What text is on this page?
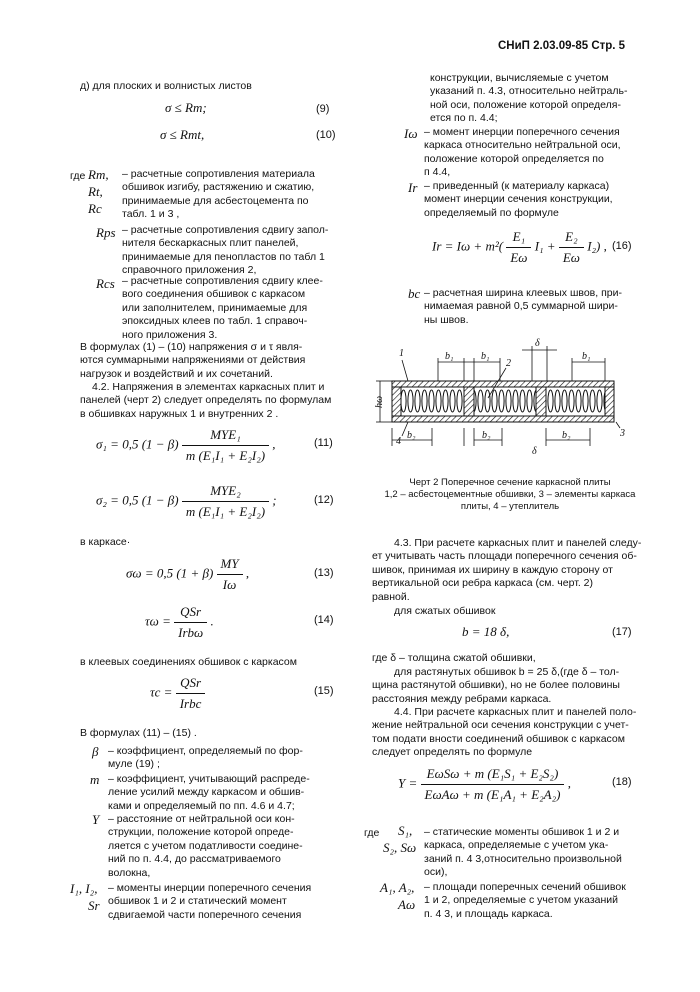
СНиП 2.03.09-85 Стр. 5
д) для плоских и волнистых листов
σ ≤ Rm;	(9)
σ ≤ Rmt,	(10)
где Rm, Rt, Rc
– расчетные сопротивления материала
обшивок изгибу, растяжению и сжатию,
принимаемые для асбестоцемента по
табл. 1 и 3 ,
Rps – расчетные сопротивления сдвигу запол-
нителя бескаркасных плит панелей,
принимаемые для пенопластов по табл 1
справочного приложения 2,
Rcs – расчетные сопротивления сдвигу клее-
вого соединения обшивок с каркасом
или заполнителем, принимаемые для
эпоксидных клеев по табл. 1 справоч-
ного приложения 3.
В формулах (1) – (10) напряжения σ и τ явля-
ются суммарными напряжениями от действия
нагрузок и воздействий и их сочетаний.
4.2. Напряжения в элементах каркасных плит и
панелей (черт 2) следует определять по формулам
в обшивках наружных 1 и внутренних 2 .
σ₁ = 0,5 $(1 - \beta) \frac{\text{MYE₁}}{\text{m (E₁I₁ + E₂I₂)}}$ ,	(11)
σ₂ = 0,5 $(1 - \beta) \frac{\text{MYE₂}}{\text{m (E₁I₁ + E₂I₂)}}$ ;	(12)
в каркасе·
σω = 0,5 $(1 + \beta) \frac{MY}{I\omega}$ ,	(13)
$\tau\omega = \frac{\text{QSr}}{\text{Irbω}}$ .	(14)
в клеевых соединениях обшивок с каркасом
$\tau c = \frac{\text{QSr}}{\text{Irbc}}$	(15)
В формулах (11) – (15) .
β – коэффициент, определяемый по фор-
мyле (19) ;
m – коэффициент, учитывающий распреде-
ление усилий между каркасом и обшив-
ками и определяемый по пп. 4.6 и 4.7;
Y – расстояние от нейтральной оси кон-
струкции, положение которой опреде-
ляется с учетом податливости соедине-
ний по п. 4.4, до рассматриваемого
волокна,
I₁, I₂,
Sr
– моменты инерции поперечного сечения
обшивок 1 и 2 и статический момент
сдвигаемой части поперечного сечения
конструкции, вычисляемые с учетом
указаний п. 4.3, относительно нейтраль-
ной оси, положение которой определя-
ется по п. 4.4;
Iω – момент инерции поперечного сечения
каркаса относительно нейтральной оси,
положение которой определяется по
п 4.4,
Ir – приведенный (к материалу каркаса)
момент инерции сечения конструкции,
определяемый по формуле
$Ir = I\omega + m^2( \frac{\text{E₁}}{E\omega} I_1 + \frac{\text{E₂}}{E\omega} I_2)$ , (16)
bc – расчетная ширина клеевых швов, при-
нимаемая равной 0,5 суммарной шири-
ны швов.
1
2
3
4
b₁	b₁	b₁
δ
b₂	b₂	b₂
δ
hω
Черт 2 Поперечное сечение каркасной плиты
1,2 – асбестоцементные обшивки, 3 – элементы каркаса
плиты, 4 – утеплитель
4.3. При расчете каркасных плит и панелей следу-
ет учитывать часть площади поперечного сечения об-
шивок, принимая их ширину в каждую сторону от
вертикальной оси ребра каркаса (см. черт. 2)
равной.
для сжатых обшивок
b = 18 δ,	(17)
где δ – толщина сжатой обшивки,
для растянутых обшивок b = 25 δ,(где δ – тол-
щина растянутой обшивки), но не более половины
расстояния между ребрами каркаса.
4.4. При расчете каркасных плит и панелей поло-
жение нейтральной оси сечения конструкции с учет-
том подати вности соединений обшивок с каркасом
следует определять по формуле
$Y = \frac{\text{EωSω + m (E₁S₁ + E₂S₂)}}{\text{EωAω + m (E₁A₁ + E₂A₂)}}$ ,	(18)
где S₁,
S₂, Sω
– статические моменты обшивок 1 и 2 и
каркаса, определяемые с учетом ука-
заний п. 4 3,относительно произвольной
оси),
A₁, A₂,
Aω
– площади поперечных сечений обшивок
1 и 2, определяемые с учетом указаний
п. 4 3, и площадь каркаса.
